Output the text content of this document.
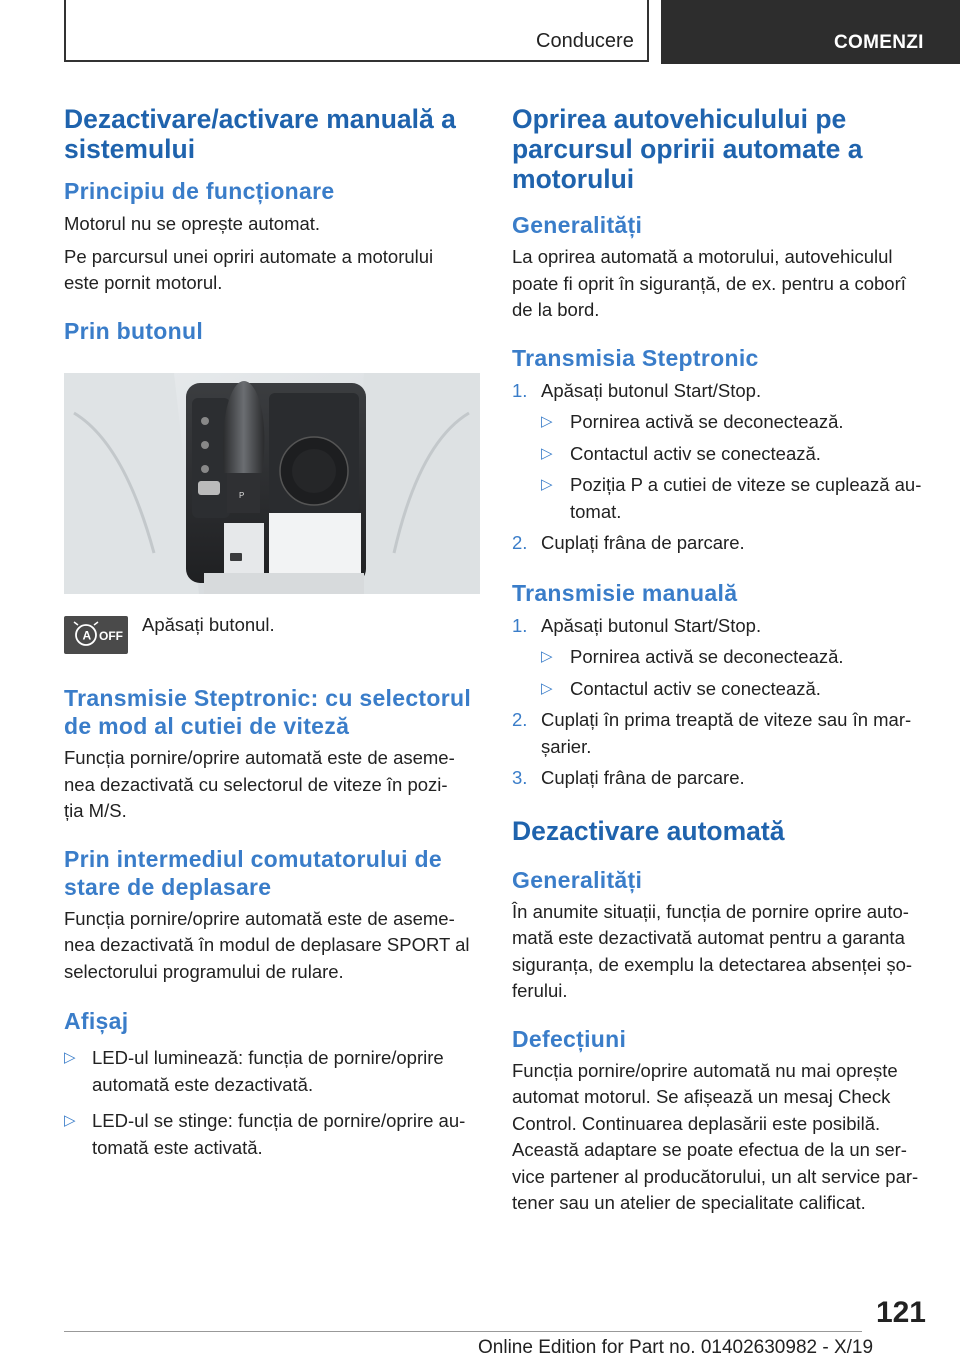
Conducere	COMENZI
Dezactivare/activare manuală a
sistemului
Principiu de funcționare

Motorul nu se oprește automat.

Pe parcursul unei opriri automate a motorului
este pornit motorul.

Prin butonul
P
A OFF

Apăsați butonul.

Transmisie Steptronic: cu selectorul
de mod al cutiei de viteză

Funcția pornire/oprire automată este de aseme-
nea dezactivată cu selectorul de viteze în pozi-
ția M/S.

Prin intermediul comutatorului de
stare de deplasare

Funcția pornire/oprire automată este de aseme-
nea dezactivată în modul de deplasare SPORT al
selectorului programului de rulare.

Afișaj
▷ LED-ul luminează: funcția de pornire/oprire
automată este dezactivată.
▷ LED-ul se stinge: funcția de pornire/oprire au-
tomată este activată.
Oprirea autovehiculului pe
parcursul opririi automate a
motorului
Generalități

La oprirea automată a motorului, autovehiculul
poate fi oprit în siguranță, de ex. pentru a coborî
de la bord.

Transmisia Steptronic
1. Apăsați butonul Start/Stop.
▷ Pornirea activă se deconectează.
▷ Contactul activ se conectează.
▷ Poziția P a cutiei de viteze se cuplează au-
tomat.
2. Cuplați frâna de parcare.
Transmisie manuală
1. Apăsați butonul Start/Stop.
▷ Pornirea activă se deconectează.
▷ Contactul activ se conectează.
2. Cuplați în prima treaptă de viteze sau în mar-
șarier.
3. Cuplați frâna de parcare.
Dezactivare automată
Generalități

În anumite situații, funcția de pornire oprire auto-
mată este dezactivată automat pentru a garanta
siguranța, de exemplu la detectarea absenței șo-
ferului.

Defecțiuni

Funcția pornire/oprire automată nu mai oprește
automat motorul. Se afișează un mesaj Check
Control. Continuarea deplasării este posibilă.
Această adaptare se poate efectua de la un ser-
vice partener al producătorului, un alt service par-
tener sau un atelier de specialitate calificat.

121
Online Edition for Part no. 01402630982 - X/19
